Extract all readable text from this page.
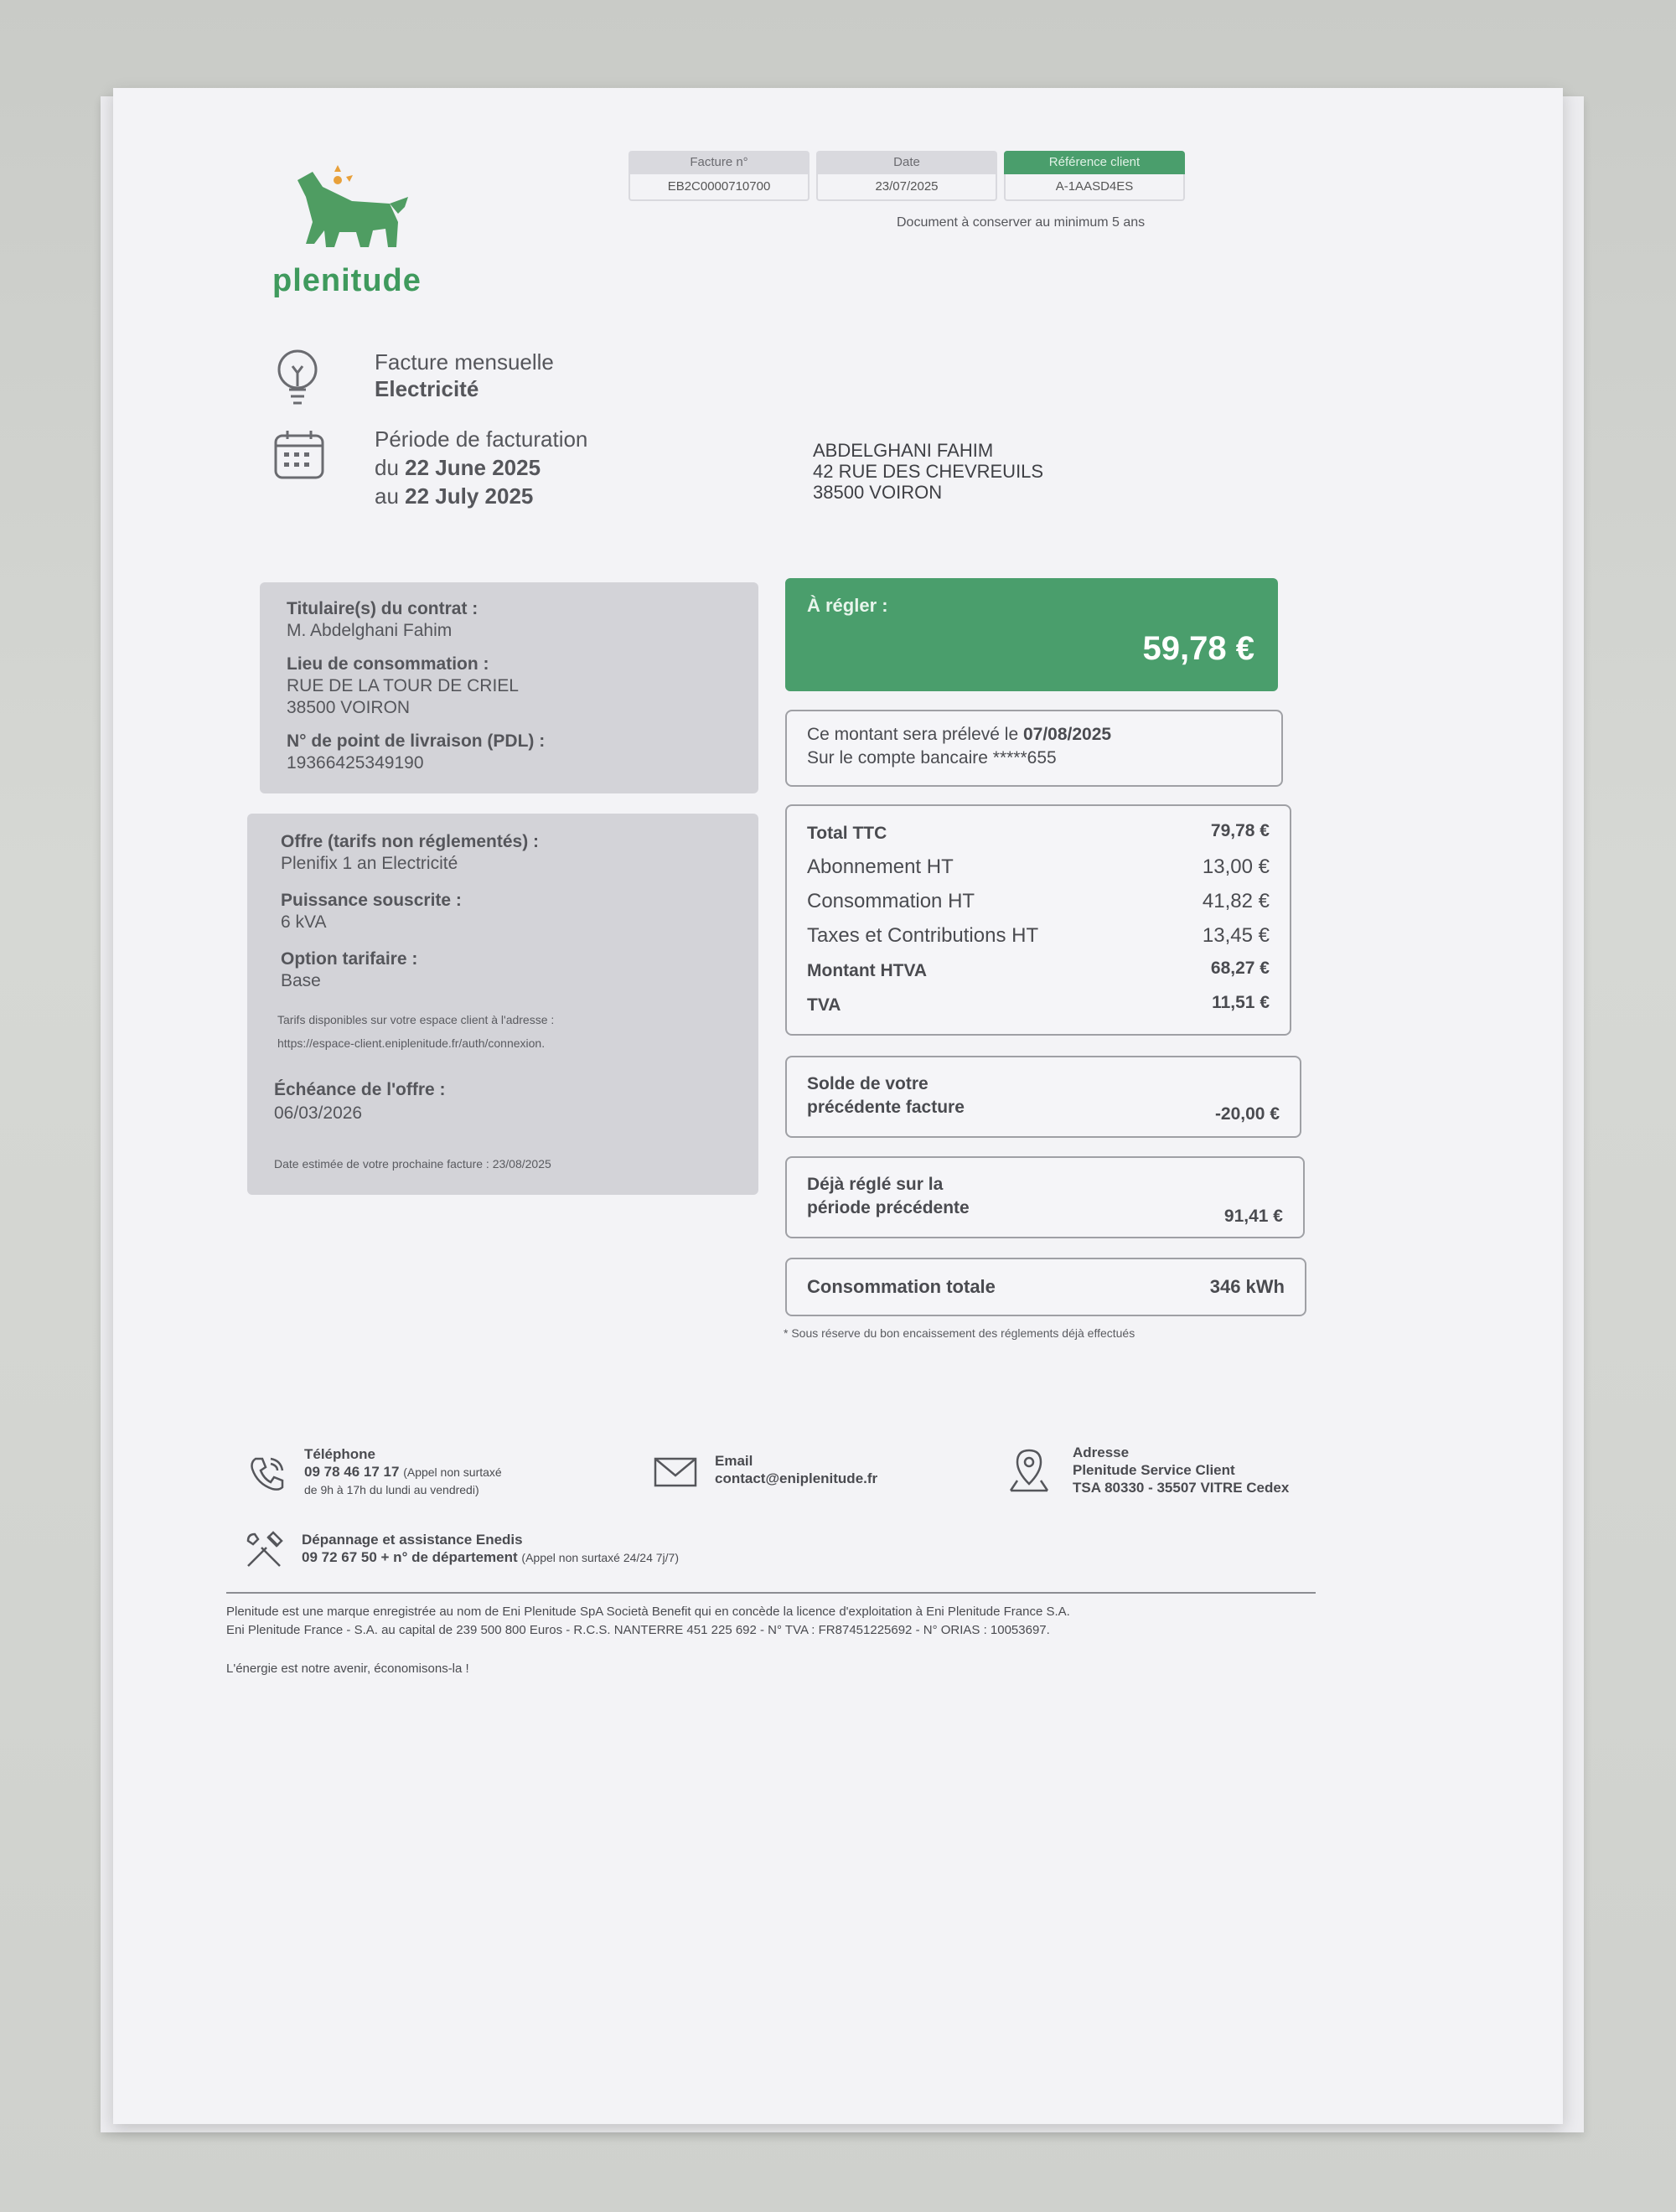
plenitude
Facture n°
EB2C0000710700
Date
23/07/2025
Référence client
A-1AASD4ES
Document à conserver au minimum 5 ans
Facture mensuelle
Electricité
Période de facturation
du 22 June 2025
au 22 July 2025
ABDELGHANI FAHIM
42 RUE DES CHEVREUILS
38500 VOIRON
Titulaire(s) du contrat :
M. Abdelghani Fahim
Lieu de consommation :
RUE DE LA TOUR DE CRIEL
38500 VOIRON
N° de point de livraison (PDL) :
19366425349190
Offre (tarifs non réglementés) :
Plenifix 1 an Electricité
Puissance souscrite :
6 kVA
Option tarifaire :
Base
Tarifs disponibles sur votre espace client à l'adresse :
https://espace-client.eniplenitude.fr/auth/connexion.
Échéance de l'offre :
06/03/2026
Date estimée de votre prochaine facture : 23/08/2025
À régler :
59,78 €
Ce montant sera prélevé le 07/08/2025
Sur le compte bancaire *****655
Total TTC	79,78 €
Abonnement HT	13,00 €
Consommation HT	41,82 €
Taxes et Contributions HT	13,45 €
Montant HTVA	68,27 €
TVA	11,51 €
Solde de votre
précédente facture	-20,00 €
Déjà réglé sur la
période précédente	91,41 €
Consommation totale	346 kWh
* Sous réserve du bon encaissement des réglements déjà effectués
Téléphone
09 78 46 17 17 (Appel non surtaxé
de 9h à 17h du lundi au vendredi)
Email
contact@eniplenitude.fr
Adresse
Plenitude Service Client
TSA 80330 - 35507 VITRE Cedex
Dépannage et assistance Enedis
09 72 67 50 + n° de département (Appel non surtaxé 24/24 7j/7)
Plenitude est une marque enregistrée au nom de Eni Plenitude SpA Società Benefit qui en concède la licence d'exploitation à Eni Plenitude France S.A.
Eni Plenitude France - S.A. au capital de 239 500 800 Euros - R.C.S. NANTERRE 451 225 692 - N° TVA : FR87451225692 - N° ORIAS : 10053697.
L'énergie est notre avenir, économisons-la !
